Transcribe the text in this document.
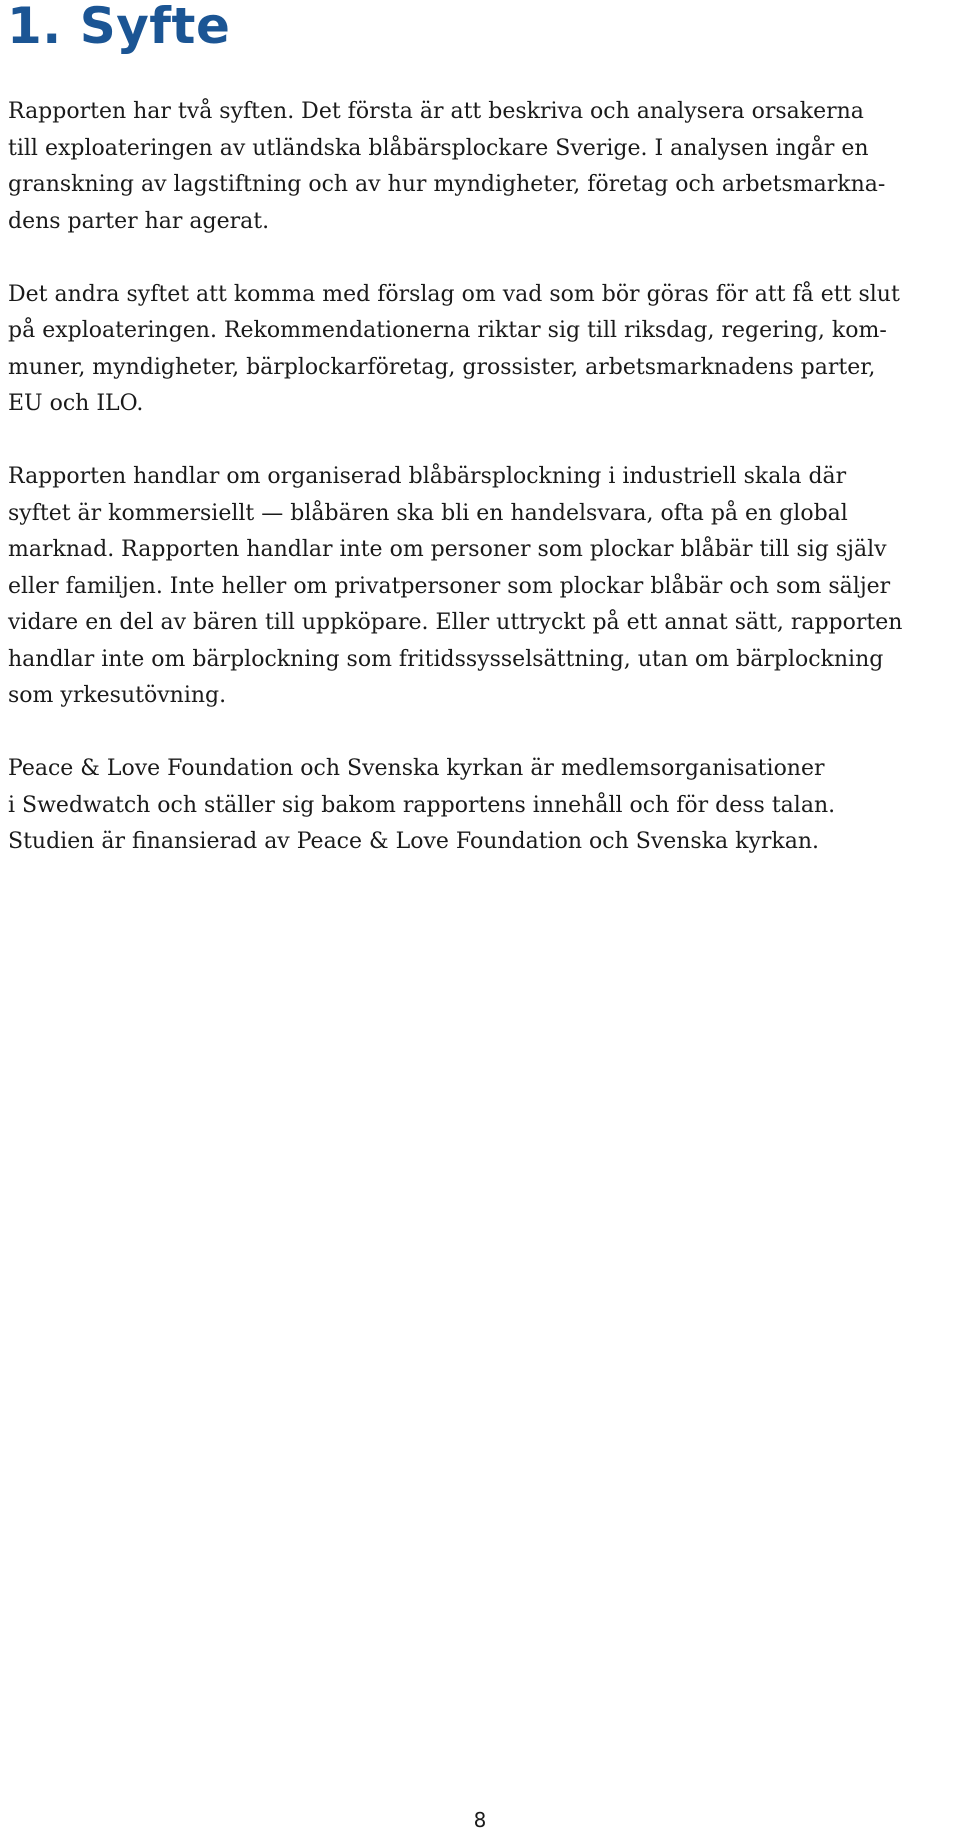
1. Syfte

Rapporten har två syften. Det första är att beskriva och analysera orsakerna
till exploateringen av utländska blåbärsplockare Sverige. I analysen ingår en
granskning av lagstiftning och av hur myndigheter, företag och arbetsmarkna-
dens parter har agerat.

Det andra syftet att komma med förslag om vad som bör göras för att få ett slut
på exploateringen. Rekommendationerna riktar sig till riksdag, regering, kom-
muner, myndigheter, bärplockarföretag, grossister, arbetsmarknadens parter,
EU och ILO.

Rapporten handlar om organiserad blåbärsplockning i industriell skala där
syftet är kommersiellt — blåbären ska bli en handelsvara, ofta på en global
marknad. Rapporten handlar inte om personer som plockar blåbär till sig själv
eller familjen. Inte heller om privatpersoner som plockar blåbär och som säljer
vidare en del av bären till uppköpare. Eller uttryckt på ett annat sätt, rapporten
handlar inte om bärplockning som fritidssysselsättning, utan om bärplockning
som yrkesutövning.

Peace & Love Foundation och Svenska kyrkan är medlemsorganisationer
i Swedwatch och ställer sig bakom rapportens innehåll och för dess talan.
Studien är finansierad av Peace & Love Foundation och Svenska kyrkan.

8
